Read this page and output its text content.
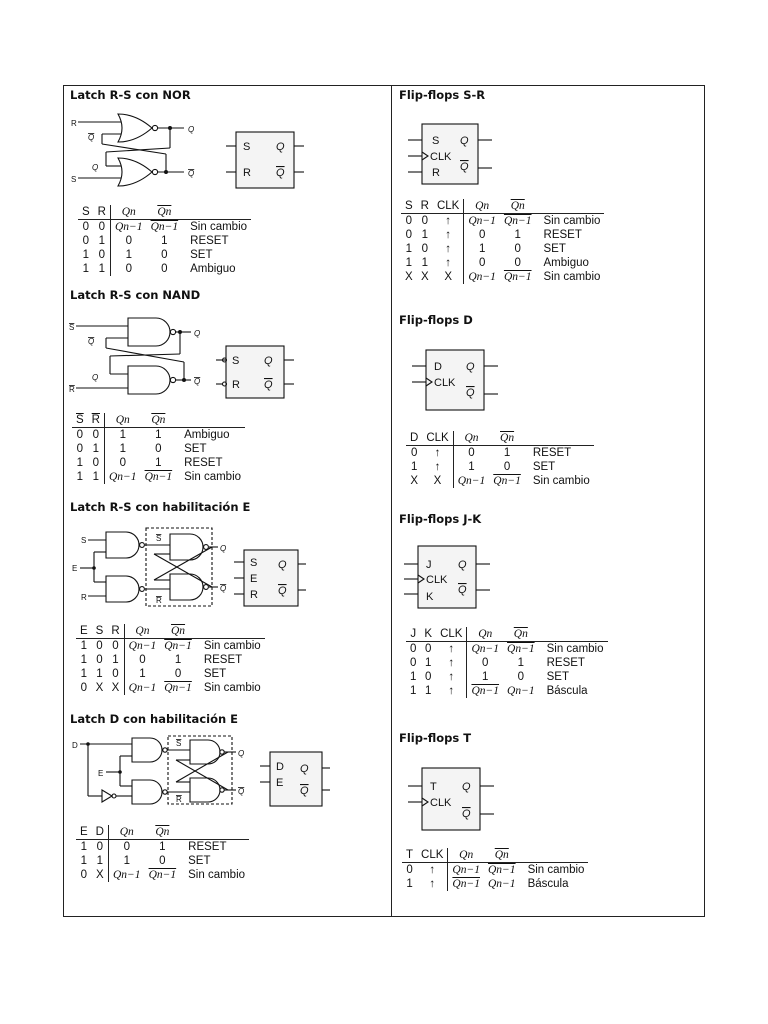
Latch R-S con NOR
R
S
Q
Q
Q
Q
S
R
Q
Q
S	R	Qn	$\overline{Qn}$	
0	0	Qn−1	Qn−1	Sin cambio
0	1	0	1	RESET
1	0	1	0	SET
1	1	0	0	Ambiguo
Latch R-S con NAND
S
R
Q
Q
Q
Q
S
R
Q
Q
$\overline{S}$	$\overline{R}$	Qn	$\overline{Qn}$	
0	0	1	1	Ambiguo
0	1	1	0	SET
1	0	0	1	RESET
1	1	Qn−1	Qn−1	Sin cambio
Latch R-S con habilitación E
S
E
R
S
R
Q
Q
S
E
R
Q
Q
E	S	R	Qn	$\overline{Qn}$	
1	0	0	Qn−1	Qn−1	Sin cambio
1	0	1	0	1	RESET
1	1	0	1	0	SET
0	X	X	Qn−1	Qn−1	Sin cambio
Latch D con habilitación E
D
E
S
R
Q
Q
D
E
Q
Q
E	D	Qn	$\overline{Qn}$	
1	0	0	1	RESET
1	1	1	0	SET
0	X	Qn−1	Qn−1	Sin cambio
Flip-flops S-R
S
CLK
R
Q
Q
S	R	CLK	Qn	$\overline{Qn}$	
0	0	↑	Qn−1	Qn−1	Sin cambio
0	1	↑	0	1	RESET
1	0	↑	1	0	SET
1	1	↑	0	0	Ambiguo
X	X	X	Qn−1	Qn−1	Sin cambio
Flip-flops D
D
CLK
Q
Q
D	CLK	Qn	$\overline{Qn}$	
0	↑	0	1	RESET
1	↑	1	0	SET
X	X	Qn−1	Qn−1	Sin cambio
Flip-flops J-K
J
CLK
K
Q
Q
J	K	CLK	Qn	$\overline{Qn}$	
0	0	↑	Qn−1	Qn−1	Sin cambio
0	1	↑	0	1	RESET
1	0	↑	1	0	SET
1	1	↑	Qn−1	Qn−1	Báscula
Flip-flops T
T
CLK
Q
Q
T	CLK	Qn	$\overline{Qn}$	
0	↑	Qn−1	Qn−1	Sin cambio
1	↑	Qn−1	Qn−1	Báscula
